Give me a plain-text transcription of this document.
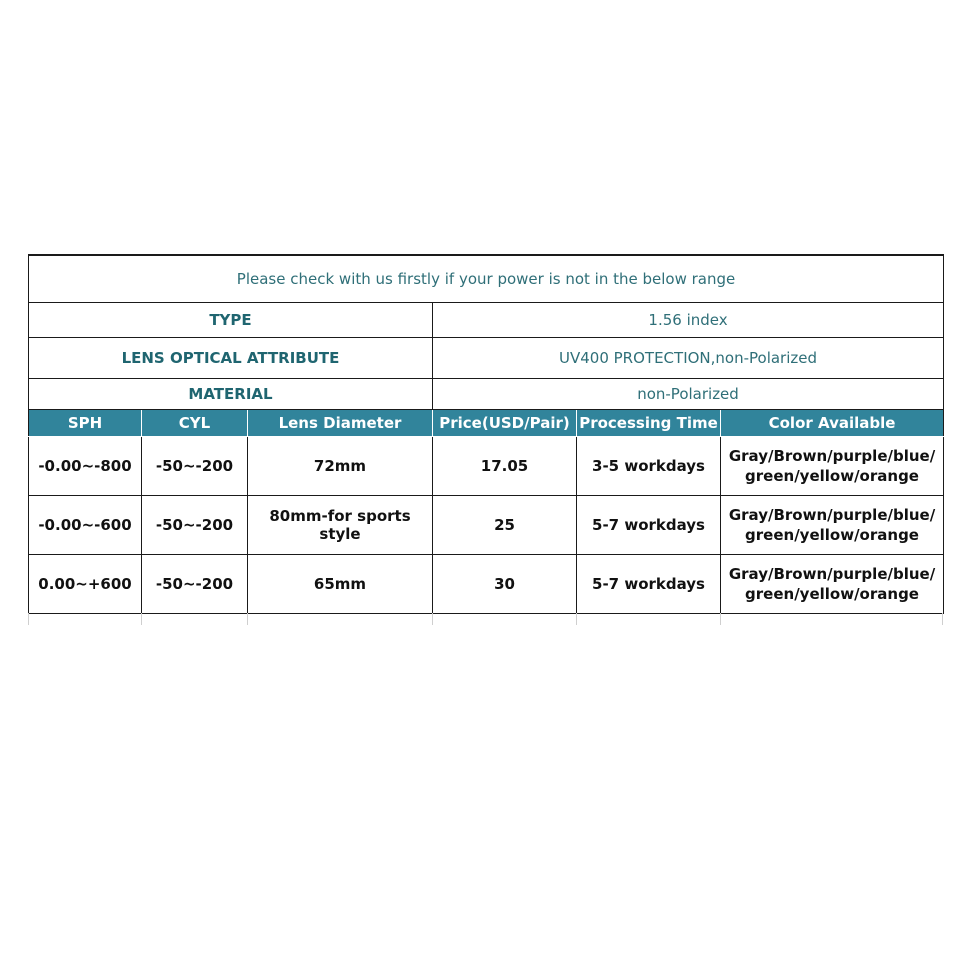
Please check with us firstly if your power is not in the below range					
TYPE			1.56 index		
LENS OPTICAL ATTRIBUTE			UV400 PROTECTION,non-Polarized		
MATERIAL			non-Polarized		
SPH	CYL	Lens Diameter	Price(USD/Pair)	Processing Time	Color Available
-0.00~-800	-50~-200	72mm	17.05	3-5 workdays	Gray/Brown/purple/blue/
green/yellow/orange
-0.00~-600	-50~-200	80mm-for sports style	25	5-7 workdays	Gray/Brown/purple/blue/
green/yellow/orange
0.00~+600	-50~-200	65mm	30	5-7 workdays	Gray/Brown/purple/blue/
green/yellow/orange
